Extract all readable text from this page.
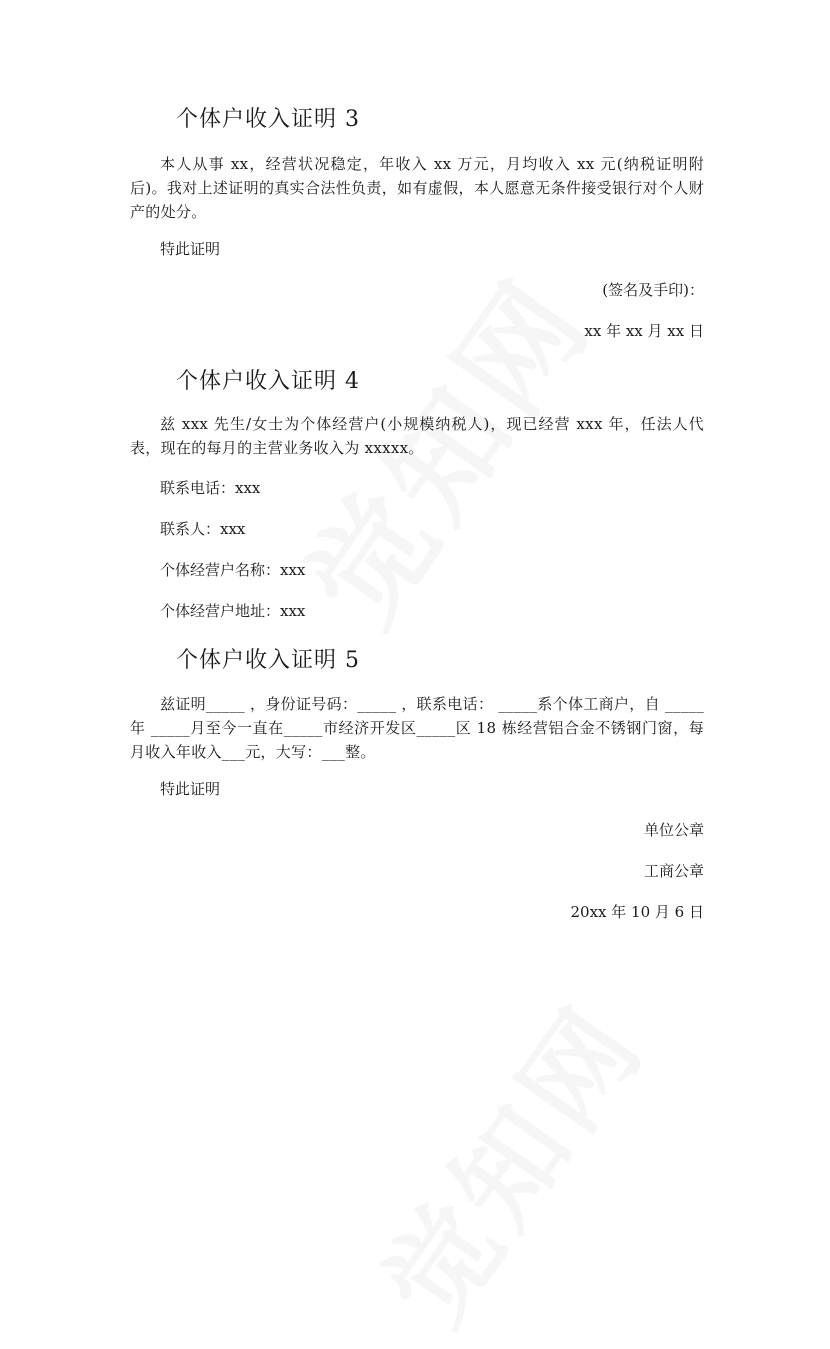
个体户收入证明 3

本人从事 xx，经营状况稳定，年收入 xx 万元，月均收入 xx 元(纳税证明附后)。我对上述证明的真实合法性负责，如有虚假，本人愿意无条件接受银行对个人财产的处分。

特此证明

(签名及手印)：

xx 年 xx 月 xx 日

个体户收入证明 4

兹 xxx 先生/女士为个体经营户(小规模纳税人)，现已经营 xxx 年，任法人代表，现在的每月的主营业务收入为 xxxxx。

联系电话：xxx

联系人：xxx

个体经营户名称：xxx

个体经营户地址：xxx

个体户收入证明 5

兹证明_____ ，身份证号码：_____ ，联系电话： _____系个体工商户，自 _____年 _____月至今一直在_____市经济开发区_____区 18 栋经营铝合金不锈钢门窗，每月收入年收入___元，大写：___整。

特此证明

单位公章

工商公章

20xx 年 10 月 6 日
